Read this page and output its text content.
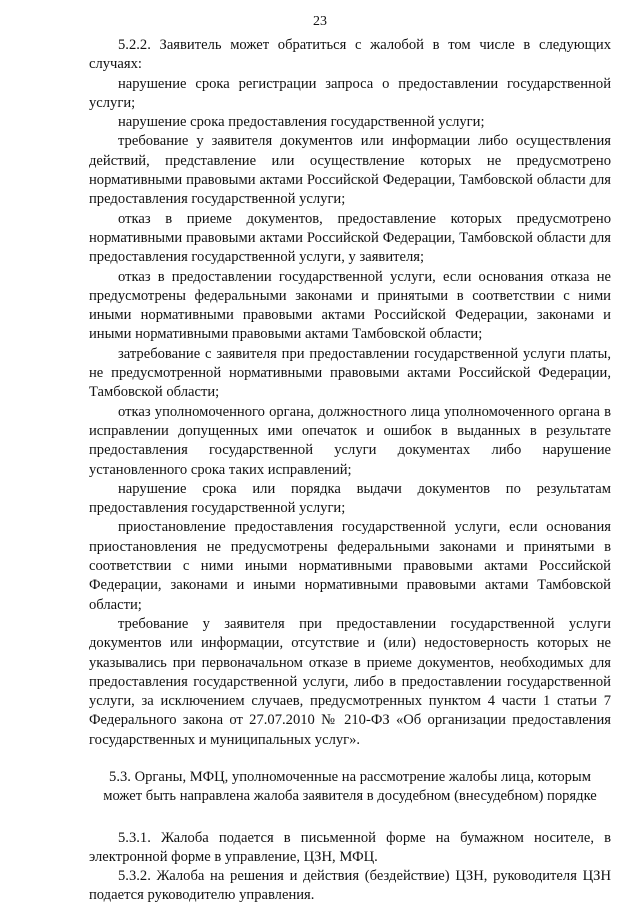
23

5.2.2. Заявитель может обратиться с жалобой в том числе в следующих случаях:

нарушение срока регистрации запроса о предоставлении государственной услуги;

нарушение срока предоставления государственной услуги;

требование у заявителя документов или информации либо осуществления действий, представление или осуществление которых не предусмотрено нормативными правовыми актами Российской Федерации, Тамбовской области для предоставления государственной услуги;

отказ в приеме документов, предоставление которых предусмотрено нормативными правовыми актами Российской Федерации, Тамбовской области для предоставления государственной услуги, у заявителя;

отказ в предоставлении государственной услуги, если основания отказа не предусмотрены федеральными законами и принятыми в соответствии с ними иными нормативными правовыми актами Российской Федерации, законами и иными нормативными правовыми актами Тамбовской области;

затребование с заявителя при предоставлении государственной услуги платы, не предусмотренной нормативными правовыми актами Российской Федерации, Тамбовской области;

отказ уполномоченного органа, должностного лица уполномоченного органа в исправлении допущенных ими опечаток и ошибок в выданных в результате предоставления государственной услуги документах либо нарушение установленного срока таких исправлений;

нарушение срока или порядка выдачи документов по результатам предоставления государственной услуги;

приостановление предоставления государственной услуги, если основания приостановления не предусмотрены федеральными законами и принятыми в соответствии с ними иными нормативными правовыми актами Российской Федерации, законами и иными нормативными правовыми актами Тамбовской области;

требование у заявителя при предоставлении государственной услуги документов или информации, отсутствие и (или) недостоверность которых не указывались при первоначальном отказе в приеме документов, необходимых для предоставления государственной услуги, либо в предоставлении государственной услуги, за исключением случаев, предусмотренных пунктом 4 части 1 статьи 7 Федерального закона от 27.07.2010 № 210-ФЗ «Об организации предоставления государственных и муниципальных услуг».

5.3. Органы, МФЦ, уполномоченные на рассмотрение жалобы лица, которым может быть направлена жалоба заявителя в досудебном (внесудебном) порядке

5.3.1. Жалоба подается в письменной форме на бумажном носителе, в электронной форме в управление, ЦЗН, МФЦ.

5.3.2. Жалоба на решения и действия (бездействие) ЦЗН, руководителя ЦЗН подается руководителю управления.
